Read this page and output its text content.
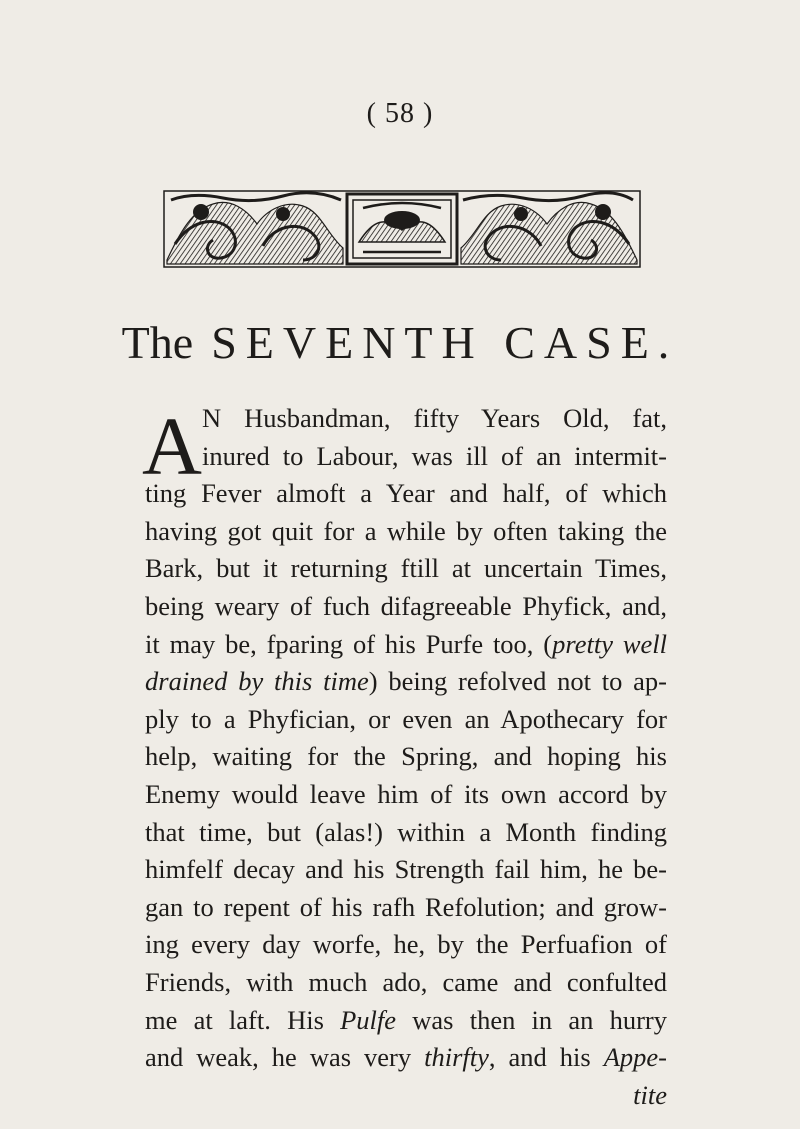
( 58 )
The SEVENTH CASE.
A N Husbandman, fifty Years Old, fat,
inured to Labour, was ill of an intermit-
ting Fever almoft a Year and half, of which
having got quit for a while by often taking the
Bark, but it returning ftill at uncertain Times,
being weary of fuch difagreeable Phyfick, and,
it may be, fparing of his Purfe too, (pretty well
drained by this time) being refolved not to ap-
ply to a Phyfician, or even an Apothecary for
help, waiting for the Spring, and hoping his
Enemy would leave him of its own accord by
that time, but (alas!) within a Month finding
himfelf decay and his Strength fail him, he be-
gan to repent of his rafh Refolution; and grow-
ing every day worfe, he, by the Perfuafion of
Friends, with much ado, came and confulted
me at laft. His Pulfe was then in an hurry
and weak, he was very thirfty, and his Appe-
tite
